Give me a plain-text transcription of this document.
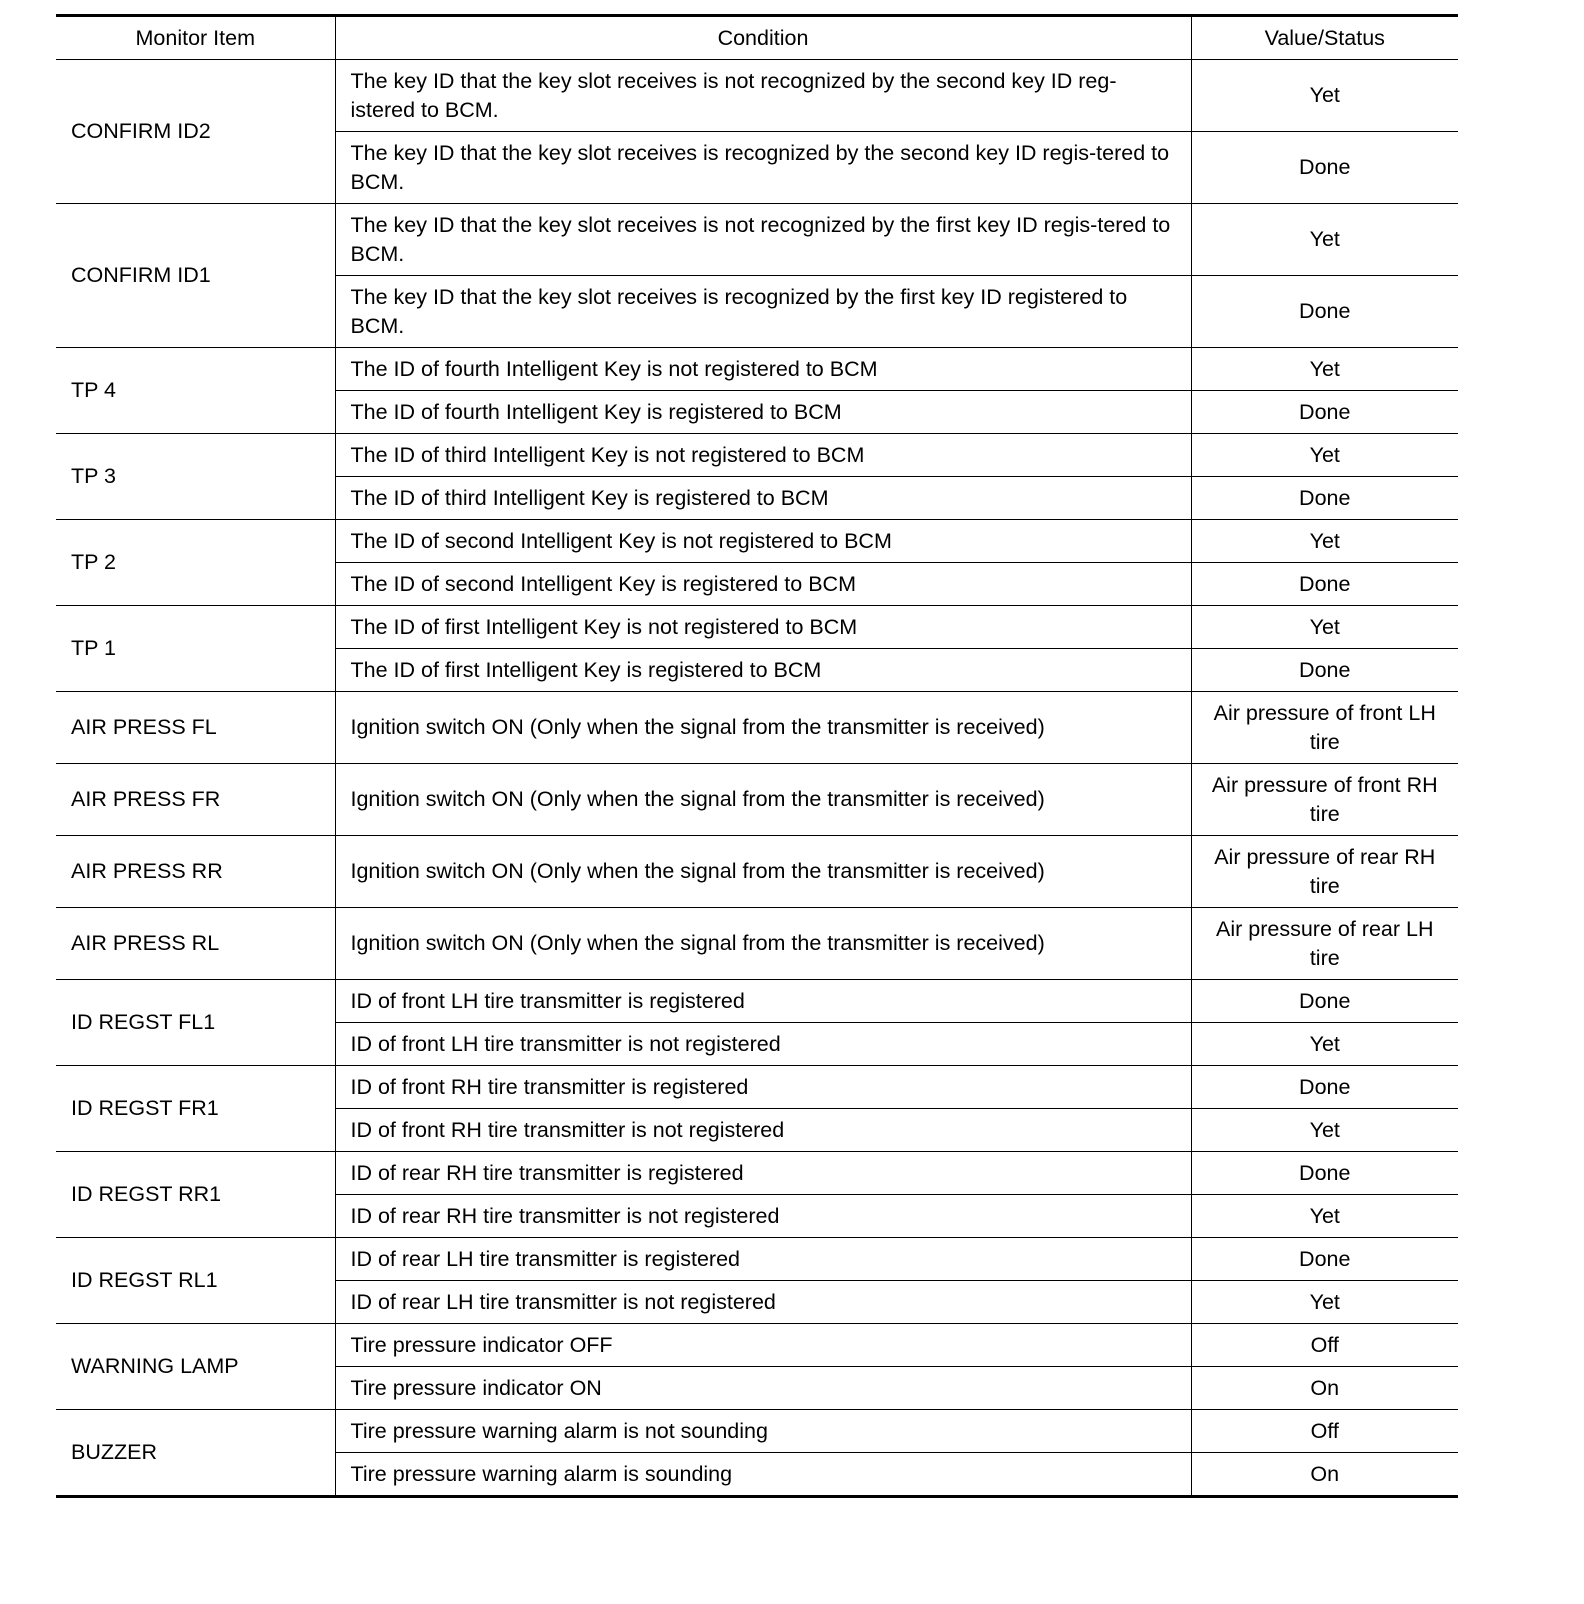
Monitor Item	Condition	Value/Status
CONFIRM ID2	The key ID that the key slot receives is not recognized by the second key ID reg-istered to BCM.	Yet
	The key ID that the key slot receives is recognized by the second key ID regis-tered to BCM.	Done
CONFIRM ID1	The key ID that the key slot receives is not recognized by the first key ID regis-tered to BCM.	Yet
	The key ID that the key slot receives is recognized by the first key ID registered to BCM.	Done
TP 4	The ID of fourth Intelligent Key is not registered to BCM	Yet
	The ID of fourth Intelligent Key is registered to BCM	Done
TP 3	The ID of third Intelligent Key is not registered to BCM	Yet
	The ID of third Intelligent Key is registered to BCM	Done
TP 2	The ID of second Intelligent Key is not registered to BCM	Yet
	The ID of second Intelligent Key is registered to BCM	Done
TP 1	The ID of first Intelligent Key is not registered to BCM	Yet
	The ID of first Intelligent Key is registered to BCM	Done
AIR PRESS FL	Ignition switch ON (Only when the signal from the transmitter is received)	Air pressure of front LH tire
AIR PRESS FR	Ignition switch ON (Only when the signal from the transmitter is received)	Air pressure of front RH tire
AIR PRESS RR	Ignition switch ON (Only when the signal from the transmitter is received)	Air pressure of rear RH tire
AIR PRESS RL	Ignition switch ON (Only when the signal from the transmitter is received)	Air pressure of rear LH tire
ID REGST FL1	ID of front LH tire transmitter is registered	Done
	ID of front LH tire transmitter is not registered	Yet
ID REGST FR1	ID of front RH tire transmitter is registered	Done
	ID of front RH tire transmitter is not registered	Yet
ID REGST RR1	ID of rear RH tire transmitter is registered	Done
	ID of rear RH tire transmitter is not registered	Yet
ID REGST RL1	ID of rear LH tire transmitter is registered	Done
	ID of rear LH tire transmitter is not registered	Yet
WARNING LAMP	Tire pressure indicator OFF	Off
	Tire pressure indicator ON	On
BUZZER	Tire pressure warning alarm is not sounding	Off
	Tire pressure warning alarm is sounding	On
